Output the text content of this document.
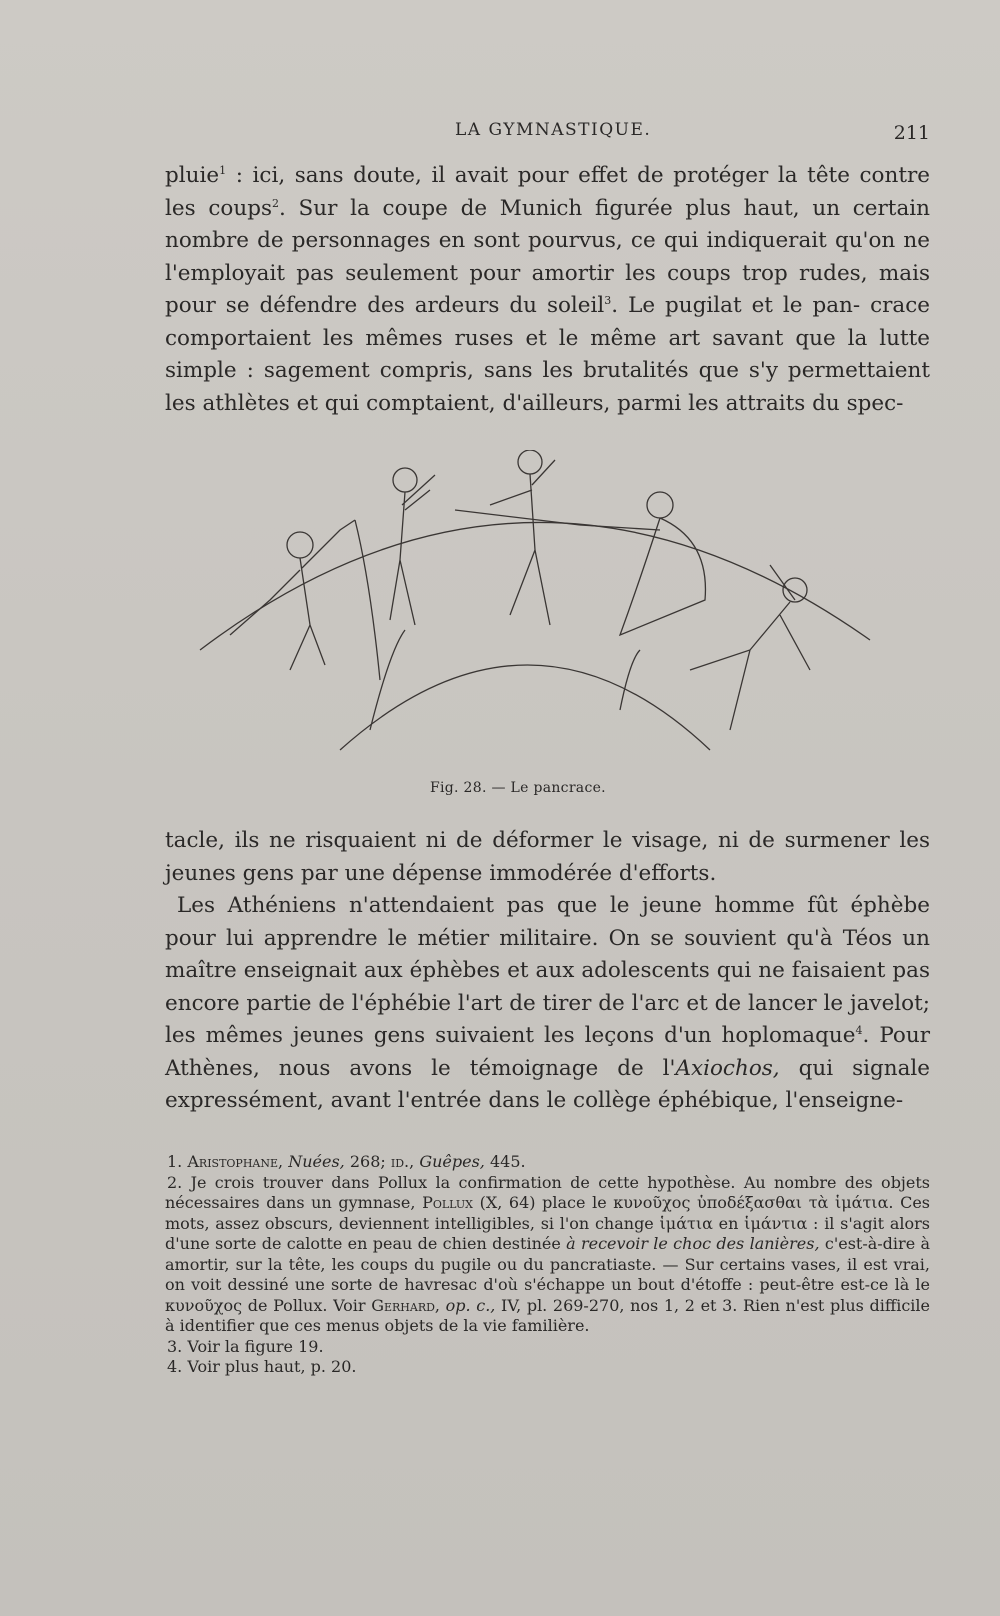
LA GYMNASTIQUE.	211

pluie$^1$ : ici, sans doute, il avait pour effet de protéger la tête contre les coups$^2$. Sur la coupe de Munich figurée plus haut, un certain nombre de personnages en sont pourvus, ce qui indiquerait qu'on ne l'employait pas seulement pour amortir les coups trop rudes, mais pour se défendre des ardeurs du soleil$^3$. Le pugilat et le pan- crace comportaient les mêmes ruses et le même art savant que la lutte simple : sagement compris, sans les brutalités que s'y permettaient les athlètes et qui comptaient, d'ailleurs, parmi les attraits du spec-

Fig. 28. — Le pancrace.

tacle, ils ne risquaient ni de déformer le visage, ni de surmener les jeunes gens par une dépense immodérée d'efforts.

Les Athéniens n'attendaient pas que le jeune homme fût éphèbe pour lui apprendre le métier militaire. On se souvient qu'à Téos un maître enseignait aux éphèbes et aux adolescents qui ne faisaient pas encore partie de l'éphébie l'art de tirer de l'arc et de lancer le javelot; les mêmes jeunes gens suivaient les leçons d'un hoplomaque$^4$. Pour Athènes, nous avons le témoignage de l'Axiochos, qui signale expressément, avant l'entrée dans le collège éphébique, l'enseigne-

1. Aristophane, Nuées, 268; id., Guêpes, 445.

2. Je crois trouver dans Pollux la confirmation de cette hypothèse. Au nombre des objets nécessaires dans un gymnase, Pollux (X, 64) place le κυνοῦχος ὑποδέξασθαι τὰ ἱμάτια. Ces mots, assez obscurs, deviennent intelligibles, si l'on change ἱμάτια en ἱμάντια : il s'agit alors d'une sorte de calotte en peau de chien destinée à recevoir le choc des lanières, c'est-à-dire à amortir, sur la tête, les coups du pugile ou du pancratiaste. — Sur certains vases, il est vrai, on voit dessiné une sorte de havresac d'où s'échappe un bout d'étoffe : peut-être est-ce là le κυνοῦχος de Pollux. Voir Gerhard, op. c., IV, pl. 269-270, nos 1, 2 et 3. Rien n'est plus difficile à identifier que ces menus objets de la vie familière.

3. Voir la figure 19.

4. Voir plus haut, p. 20.
